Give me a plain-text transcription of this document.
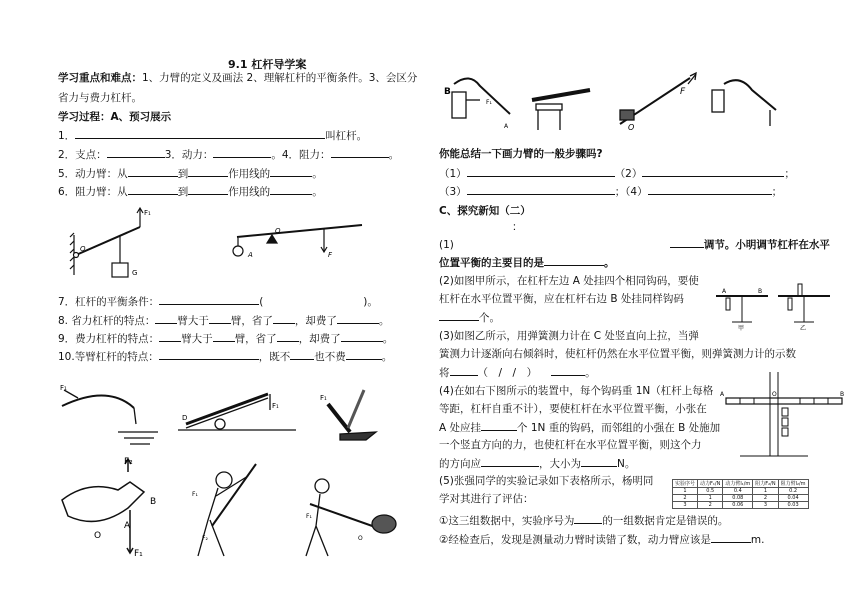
9.1 杠杆导学案
学习重点和难点：1、力臂的定义及画法 2、理解杠杆的平衡条件。3、会区分
省力与费力杠杆。
学习过程：A、预习展示
1．	叫杠杆。
2．支点：	3．动力：	。4．阻力：	。
5．动力臂：从	到	作用线的	。
6．阻力臂：从	到	作用线的	。
F₁
O
G
O
A	F
7．杠杆的平衡条件：	(	)。
8. 省力杠杆的特点： 臂大于 臂，省了 ，却费了	。
9．费力杠杆的特点： 臂大于 臂，省了 ，却费了	。
10.等臂杠杆的特点：	，既不 也不费	。
F₁
D
F₁
F₁
F₂
B
A
O
F₁
F₁
F₂
F₁
O
B
A
F₁
F
O
你能总结一下画力臂的一般步骤吗?
（1）	（2）	；
（3）	；（4）	；
C、探究新知（二）
：
(1)	调节。小明调节杠杆在水平
位置平衡的主要目的是	。
(2)如图甲所示，在杠杆左边 A 处挂四个相同钩码，要使
杠杆在水平位置平衡，应在杠杆右边 B 处挂同样钩码
个。
A	B
甲	乙
(3)如图乙所示，用弹簧测力计在 C 处竖直向上拉，当弹
簧测力计逐渐向右倾斜时，使杠杆仍然在水平位置平衡，则弹簧测力计的示数
将	（　/　/　）	。
A	O	B
(4)在如右下图所示的装置中，每个钩码重 1N（杠杆上每格
等距，杠杆自重不计），要使杠杆在水平位置平衡，小张在
A 处应挂	个 1N 重的钩码，而邻组的小强在 B 处施加
一个竖直方向的力，也使杠杆在水平位置平衡，则这个力
的方向应	，大小为	N。
(5)张强同学的实验记录如下表格所示，杨明同
学对其进行了评估：
实验序号	动力F₁/N	动力臂l₁/m	阻力F₂/N	阻力臂l₂/m
1	0.5	0.4	1	0.2
2	1	0.08	2	0.04
3	2	0.06	3	0.03
①这三组数据中，实验序号为	的一组数据肯定是错误的。
②经检查后，发现是测量动力臂时读错了数，动力臂应该是	m.
